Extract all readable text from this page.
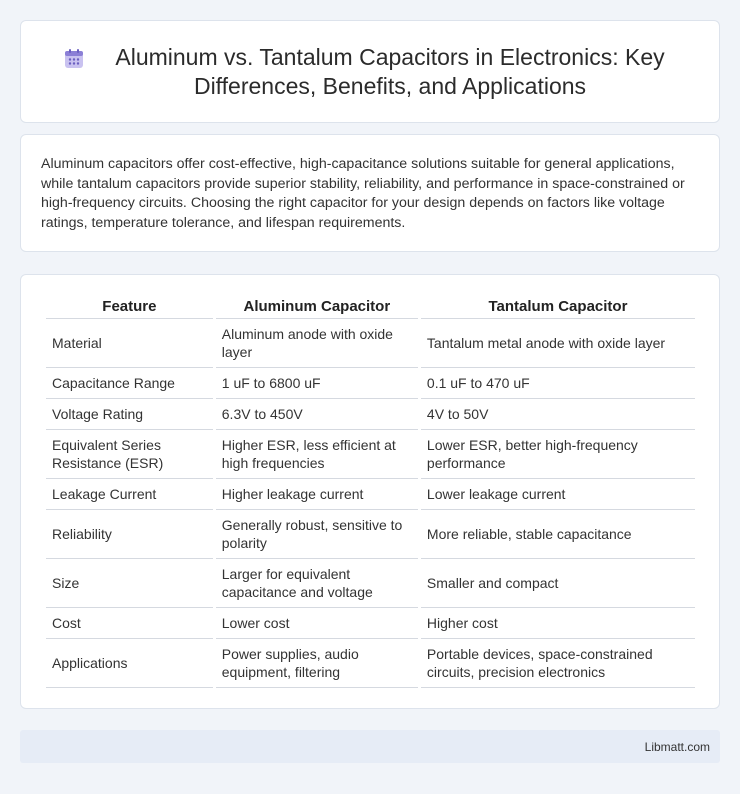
Aluminum vs. Tantalum Capacitors in Electronics: Key Differences, Benefits, and Applications

Aluminum capacitors offer cost-effective, high-capacitance solutions suitable for general applications, while tantalum capacitors provide superior stability, reliability, and performance in space-constrained or high-frequency circuits. Choosing the right capacitor for your design depends on factors like voltage ratings, temperature tolerance, and lifespan requirements.

Feature	Aluminum Capacitor	Tantalum Capacitor
Material	Aluminum anode with oxide layer	Tantalum metal anode with oxide layer
Capacitance Range	1 uF to 6800 uF	0.1 uF to 470 uF
Voltage Rating	6.3V to 450V	4V to 50V
Equivalent Series Resistance (ESR)	Higher ESR, less efficient at high frequencies	Lower ESR, better high-frequency performance
Leakage Current	Higher leakage current	Lower leakage current
Reliability	Generally robust, sensitive to polarity	More reliable, stable capacitance
Size	Larger for equivalent capacitance and voltage	Smaller and compact
Cost	Lower cost	Higher cost
Applications	Power supplies, audio equipment, filtering	Portable devices, space-constrained circuits, precision electronics
Libmatt.com
